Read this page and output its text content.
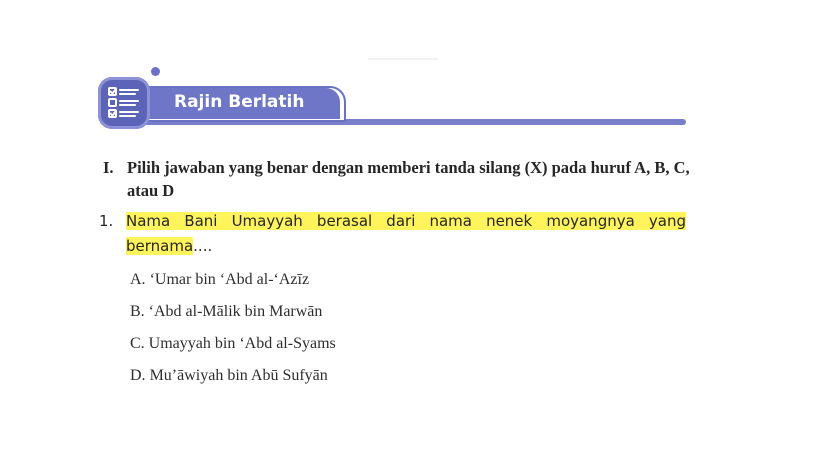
Rajin Berlatih
I. Pilih jawaban yang benar dengan memberi tanda silang (X) pada huruf A, B, C, atau D
1. Nama Bani Umayyah berasal dari nama nenek moyangnya yang bernama....
A. ‘Umar bin ‘Abd al-‘Azīz
B. ‘Abd al-Mālik bin Marwān
C. Umayyah bin ‘Abd al-Syams
D. Mu’āwiyah bin Abū Sufyān
